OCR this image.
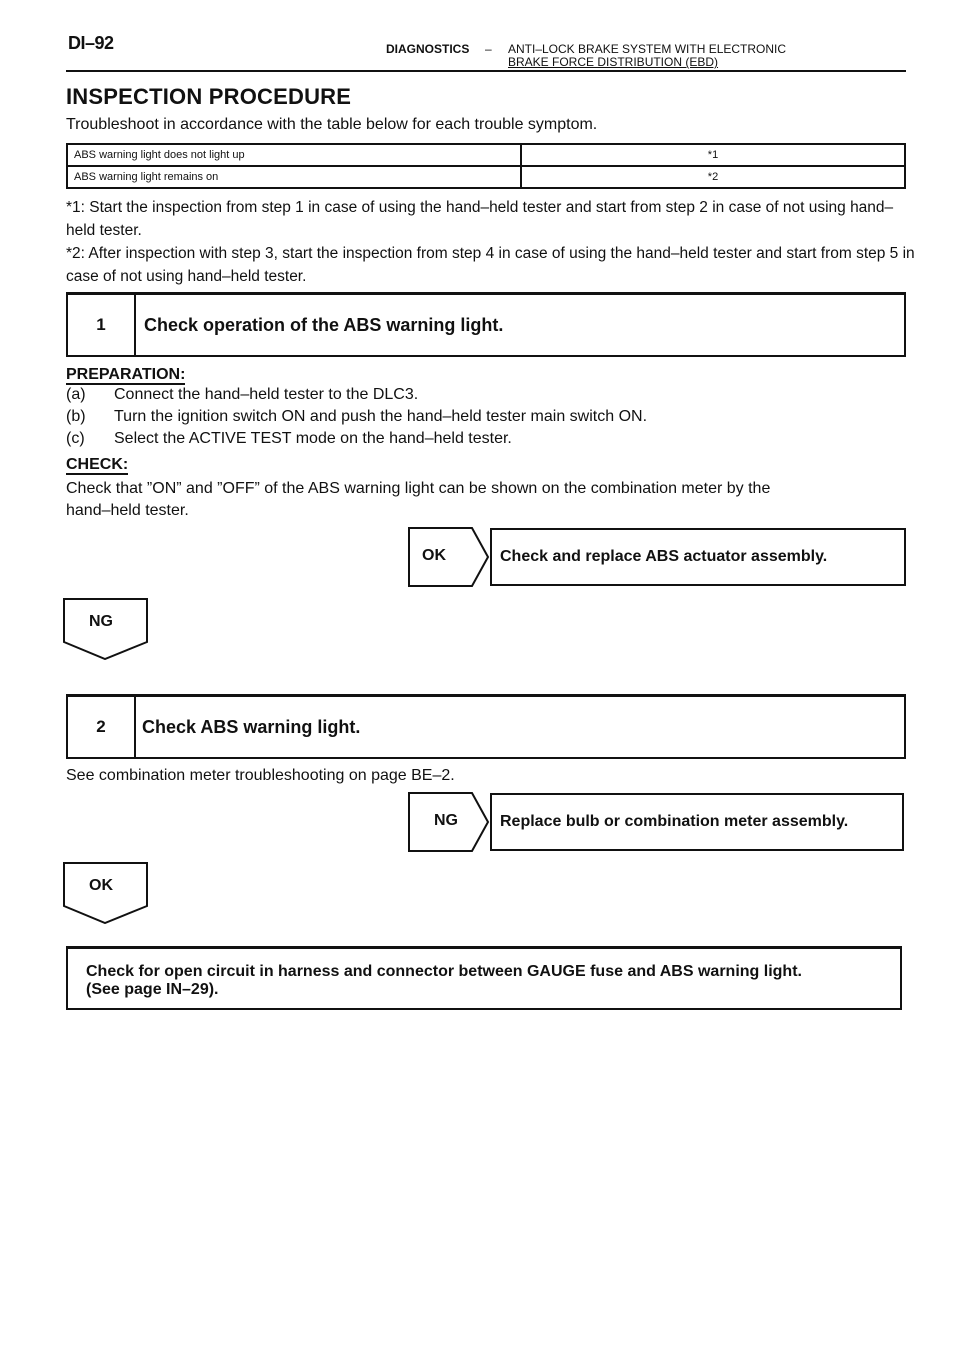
DI–92	DIAGNOSTICS – ANTI–LOCK BRAKE SYSTEM WITH ELECTRONIC
BRAKE FORCE DISTRIBUTION (EBD)
INSPECTION PROCEDURE
Troubleshoot in accordance with the table below for each trouble symptom.
ABS warning light does not light up	*1
ABS warning light remains on	*2
*1: Start the inspection from step 1 in case of using the hand–held tester and start from step 2 in case of not using hand–held tester.
*2: After inspection with step 3, start the inspection from step 4 in case of using the hand–held tester and start from step 5 in case of not using hand–held tester.
1	Check operation of the ABS warning light.
PREPARATION:
(a) Connect the hand–held tester to the DLC3.
(b) Turn the ignition switch ON and push the hand–held tester main switch ON.
(c) Select the ACTIVE TEST mode on the hand–held tester.
CHECK:
Check that ”ON” and ”OFF” of the ABS warning light can be shown on the combination meter by the
hand–held tester.
OK	Check and replace ABS actuator assembly.
NG
2	Check ABS warning light.
See combination meter troubleshooting on page BE–2.
NG	Replace bulb or combination meter assembly.
OK
Check for open circuit in harness and connector between GAUGE fuse and ABS warning light.
(See page IN–29).
